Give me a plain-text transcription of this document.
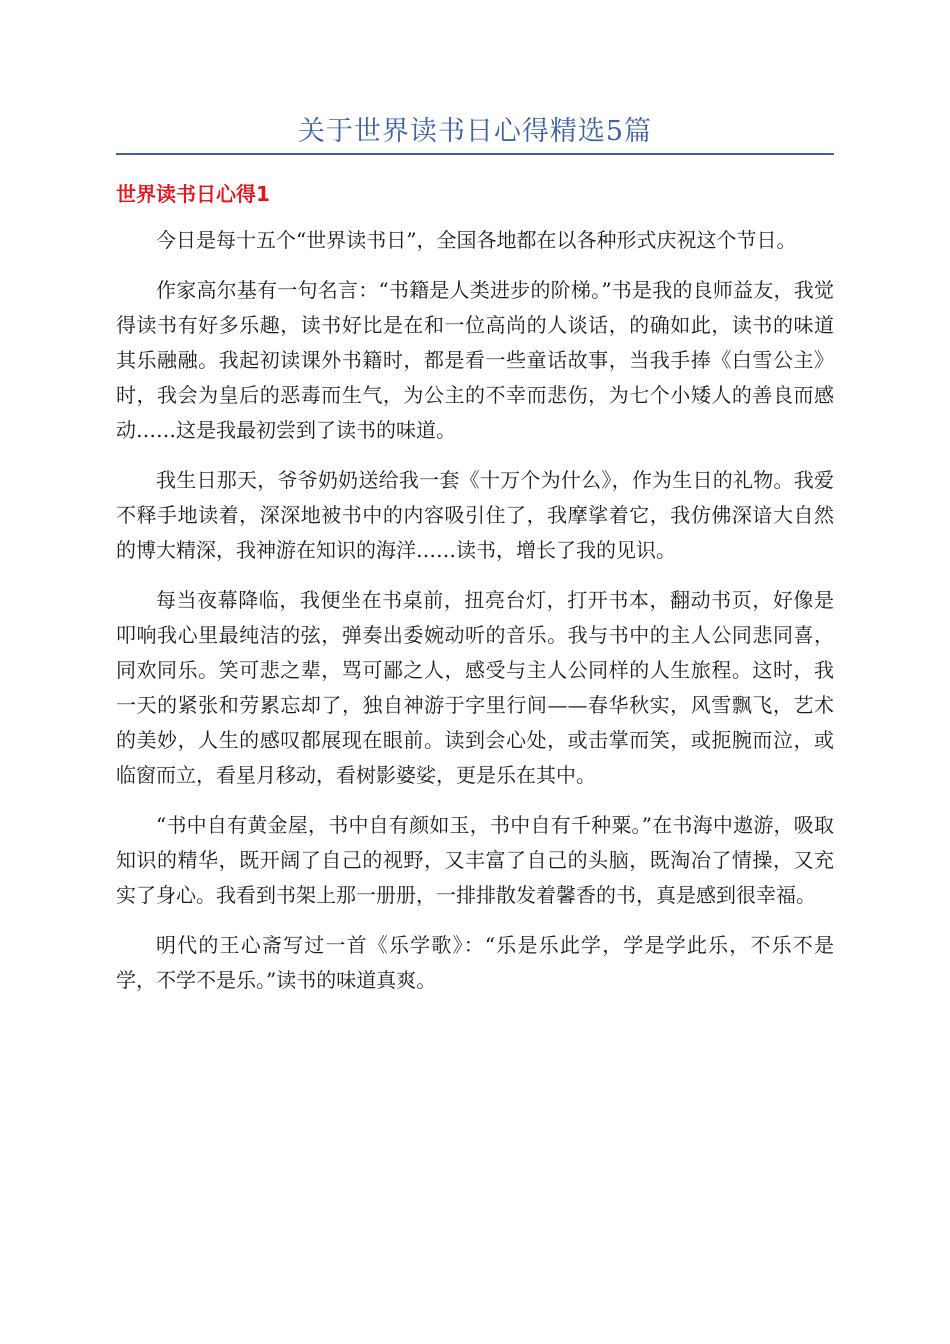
关于世界读书日心得精选5篇
世界读书日心得1

今日是每十五个“世界读书日”，全国各地都在以各种形式庆祝这个节日。

作家高尔基有一句名言：“书籍是人类进步的阶梯。”书是我的良师益友，我觉得读书有好多乐趣，读书好比是在和一位高尚的人谈话，的确如此，读书的味道其乐融融。我起初读课外书籍时，都是看一些童话故事，当我手捧《白雪公主》时，我会为皇后的恶毒而生气，为公主的不幸而悲伤，为七个小矮人的善良而感动……这是我最初尝到了读书的味道。

我生日那天，爷爷奶奶送给我一套《十万个为什么》，作为生日的礼物。我爱不释手地读着，深深地被书中的内容吸引住了，我摩挲着它，我仿佛深谙大自然的博大精深，我神游在知识的海洋……读书，增长了我的见识。

每当夜幕降临，我便坐在书桌前，扭亮台灯，打开书本，翻动书页，好像是叩响我心里最纯洁的弦，弹奏出委婉动听的音乐。我与书中的主人公同悲同喜，同欢同乐。笑可悲之辈，骂可鄙之人，感受与主人公同样的人生旅程。这时，我一天的紧张和劳累忘却了，独自神游于字里行间——春华秋实，风雪飘飞，艺术的美妙，人生的感叹都展现在眼前。读到会心处，或击掌而笑，或扼腕而泣，或临窗而立，看星月移动，看树影婆娑，更是乐在其中。

“书中自有黄金屋，书中自有颜如玉，书中自有千种粟。”在书海中遨游，吸取知识的精华，既开阔了自己的视野，又丰富了自己的头脑，既淘冶了情操，又充实了身心。我看到书架上那一册册，一排排散发着馨香的书，真是感到很幸福。

明代的王心斋写过一首《乐学歌》：“乐是乐此学，学是学此乐，不乐不是学，不学不是乐。”读书的味道真爽。
